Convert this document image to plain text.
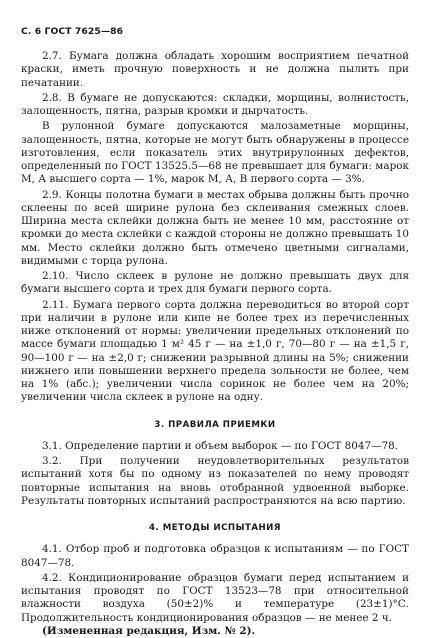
С. 6 ГОСТ 7625—86

2.7. Бумага должна обладать хорошим восприятием печатной краски, иметь прочную поверхность и не должна пылить при печатании.

2.8. В бумаге не допускаются: складки, морщины, волнистость, залощенность, пятна, разрыв кромки и дырчатость.

В рулонной бумаге допускаются малозаметные морщины, залощенность, пятна, которые не могут быть обнаружены в процессе изготовления, если показатель этих внутрирулонных дефектов, определенный по ГОСТ 13525.5—68 не превышает для бумаги: марок М, А высшего сорта — 1%, марок М, А, В первого сорта — 3%.

2.9. Концы полотна бумаги в местах обрыва должны быть прочно склеены по всей ширине рулона без склеивания смежных слоев. Ширина места склейки должна быть не менее 10 мм, расстояние от кромки до места склейки с каждой стороны не должно превышать 10 мм. Место склейки должно быть отмечено цветными сигналами, видимыми с торца рулона.

2.10. Число склеек в рулоне не должно превышать двух для бумаги высшего сорта и трех для бумаги первого сорта.

2.11. Бумага первого сорта должна переводиться во второй сорт при наличии в рулоне или кипе не более трех из перечисленных ниже отклонений от нормы: увеличении предельных отклонений по массе бумаги площадью 1 м² 45 г — на ±1,0 г, 70—80 г — на ±1,5 г, 90—100 г — на ±2,0 г; снижении разрывной длины на 5%; снижении нижнего или повышении верхнего предела зольности не более, чем на 1% (абс.); увеличении числа соринок не более чем на 20%; увеличении числа склеек в рулоне на одну.

3. ПРАВИЛА ПРИЕМКИ

3.1. Определение партии и объем выборок — по ГОСТ 8047—78.

3.2. При получении неудовлетворительных результатов испытаний хотя бы по одному из показателей по нему проводят повторные испытания на вновь отобранной удвоенной выборке. Результаты повторных испытаний распространяются на всю партию.

4. МЕТОДЫ ИСПЫТАНИЯ

4.1. Отбор проб и подготовка образцов к испытаниям — по ГОСТ 8047—78.

4.2. Кондиционирование образцов бумаги перед испытанием и испытания проводят по ГОСТ 13523—78 при относительной влажности воздуха (50±2)% и температуре (23±1)°С. Продолжительность кондиционирования образцов — не менее 2 ч.

(Измененная редакция, Изм. № 2).
